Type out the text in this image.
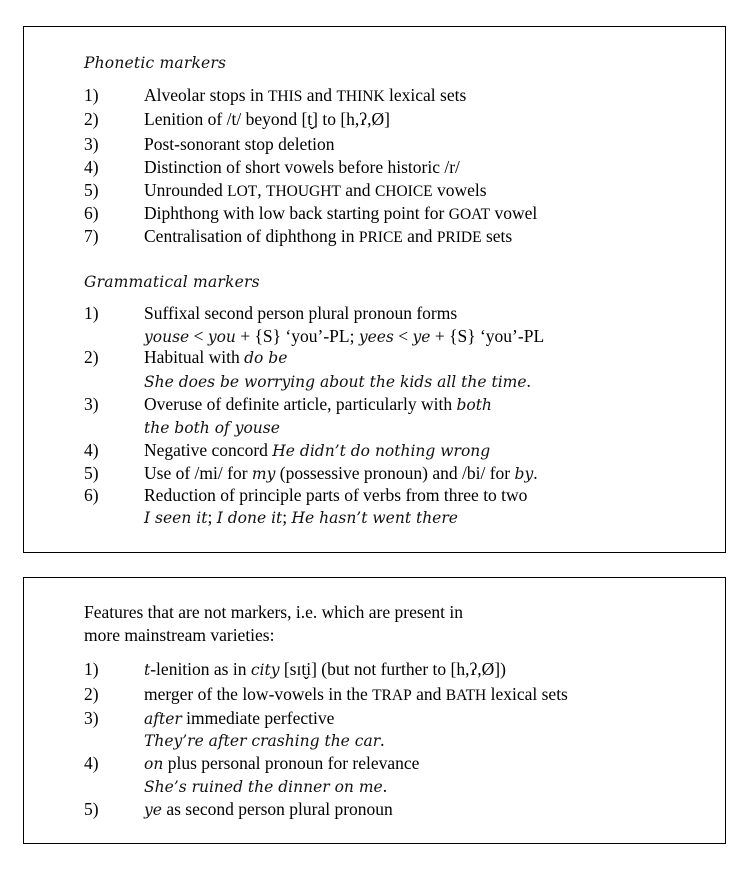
Phonetic markers
1)	Alveolar stops in THIS and THINK lexical sets
2)	Lenition of /t/ beyond [t̬] to [h,ʔ,Ø]
3)	Post-sonorant stop deletion
4)	Distinction of short vowels before historic /r/
5)	Unrounded LOT, THOUGHT and CHOICE vowels
6)	Diphthong with low back starting point for GOAT vowel
7)	Centralisation of diphthong in PRICE and PRIDE sets
Grammatical markers
1)	Suffixal second person plural pronoun forms
youse < you + {S} ‘you’-PL; yees < ye + {S} ‘you’-PL
2)	Habitual with do be
She does be worrying about the kids all the time.
3)	Overuse of definite article, particularly with both
the both of youse
4)	Negative concord He didn’t do nothing wrong
5)	Use of /mi/ for my (possessive pronoun) and /bi/ for by.
6)	Reduction of principle parts of verbs from three to two
I seen it; I done it; He hasn’t went there
Features that are not markers, i.e. which are present in
more mainstream varieties:
1)	t-lenition as in city [sɪt̬i] (but not further to [h,ʔ,Ø])
2)	merger of the low-vowels in the TRAP and BATH lexical sets
3)	after immediate perfective
They’re after crashing the car.
4)	on plus personal pronoun for relevance
She’s ruined the dinner on me.
5)	ye as second person plural pronoun
